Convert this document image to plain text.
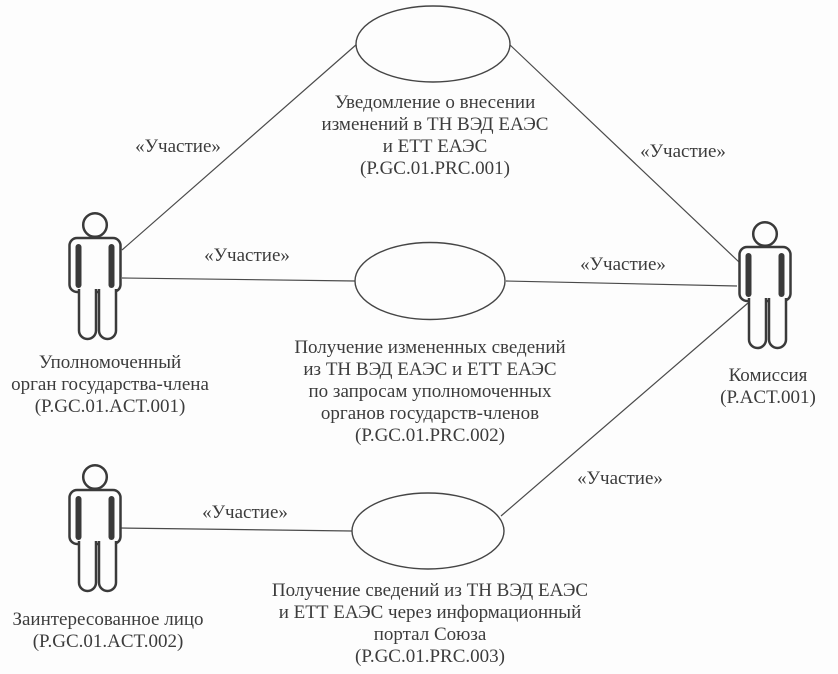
Уведомление о внесении
изменений в ТН ВЭД ЕАЭС
и ЕТТ ЕАЭС
(P.GC.01.PRC.001)
Получение измененных сведений
из ТН ВЭД ЕАЭС и ЕТТ ЕАЭС
по запросам уполномоченных
органов государств-членов
(P.GC.01.PRC.002)
Получение сведений из ТН ВЭД ЕАЭС
и ЕТТ ЕАЭС через информационный
портал Союза
(P.GC.01.PRC.003)
Уполномоченный
орган государства-члена
(P.GC.01.ACT.001)
Заинтересованное лицо
(P.GC.01.ACT.002)
Комиссия
(P.ACT.001)
«Участие»	«Участие»
«Участие»	«Участие»
«Участие»
«Участие»
